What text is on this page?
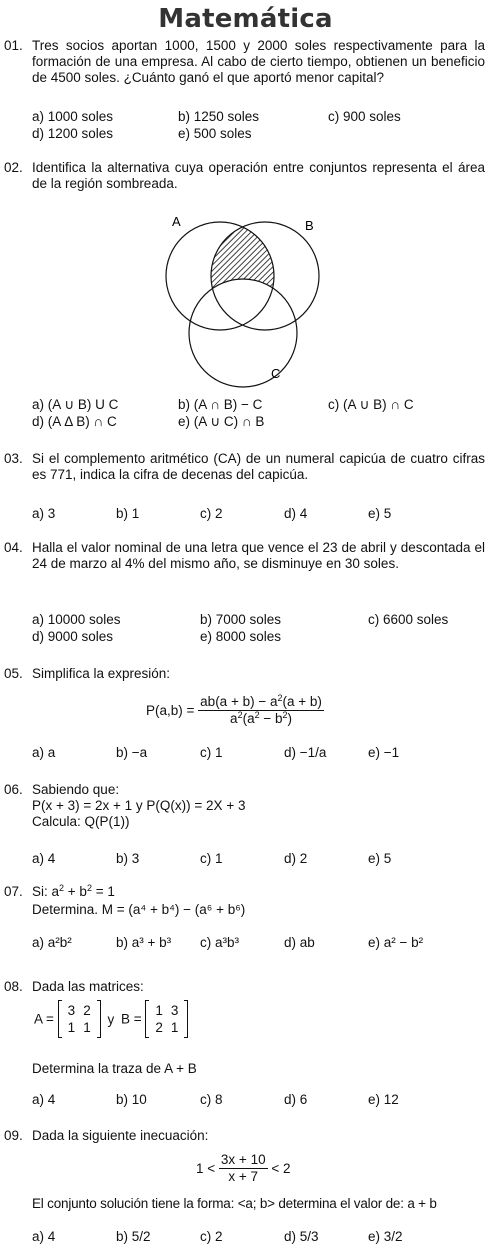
Matemática
01. Tres socios aportan 1000, 1500 y 2000 soles respectivamente para la formación de una empresa. Al cabo de cierto tiempo, obtienen un beneficio de 4500 soles. ¿Cuánto ganó el que aportó menor capital?
a) 1000 soles	b) 1250 soles	c) 900 soles
d) 1200 soles	e) 500 soles
02. Identifica la alternativa cuya operación entre conjuntos representa el área de la región sombreada.
A	B
C
a) (A ∪ B) U C	b) (A ∩ B) − C	c) (A ∪ B) ∩ C
d) (A Δ B) ∩ C	e) (A ∪ C) ∩ B
03. Si el complemento aritmético (CA) de un numeral capicúa de cuatro cifras es 771, indica la cifra de decenas del capicúa.
a) 3	b) 1	c) 2	d) 4	e) 5
04. Halla el valor nominal de una letra que vence el 23 de abril y descontada el 24 de marzo al 4% del mismo año, se disminuye en 30 soles.
a) 10000 soles	b) 7000 soles	c) 6600 soles
d) 9000 soles	e) 8000 soles
05. Simplifica la expresión:
$P(a,b) = \frac{ab(a + b) - a^2(a + b)}{a^2(a^2 - b^2)}$
a) a	b) −a	c) 1	d) −1/a	e) −1
06. Sabiendo que:
P(x + 3) = 2x + 1 y P(Q(x)) = 2X + 3
Calcula: Q(P(1))
a) 4	b) 3	c) 1	d) 2	e) 5
07. Si: $a^2 + b^2 = 1$
Determina. M = (a⁴ + b⁴) − (a⁶ + b⁶)
a) a²b²	b) a³ + b³ c) a³b³	d) ab	e) a² − b²
08. Dada las matrices:
A =
3	2
1	1
y B =
1	3
2	1
Determina la traza de A + B
a) 4	b) 10	c) 8	d) 6	e) 12
09. Dada la siguiente inecuación:
$1 < \frac{3x + 10}{x + 7} < 2$
El conjunto solución tiene la forma: <a; b> determina el valor de: a + b
a) 4	b) 5/2	c) 2	d) 5/3	e) 3/2
